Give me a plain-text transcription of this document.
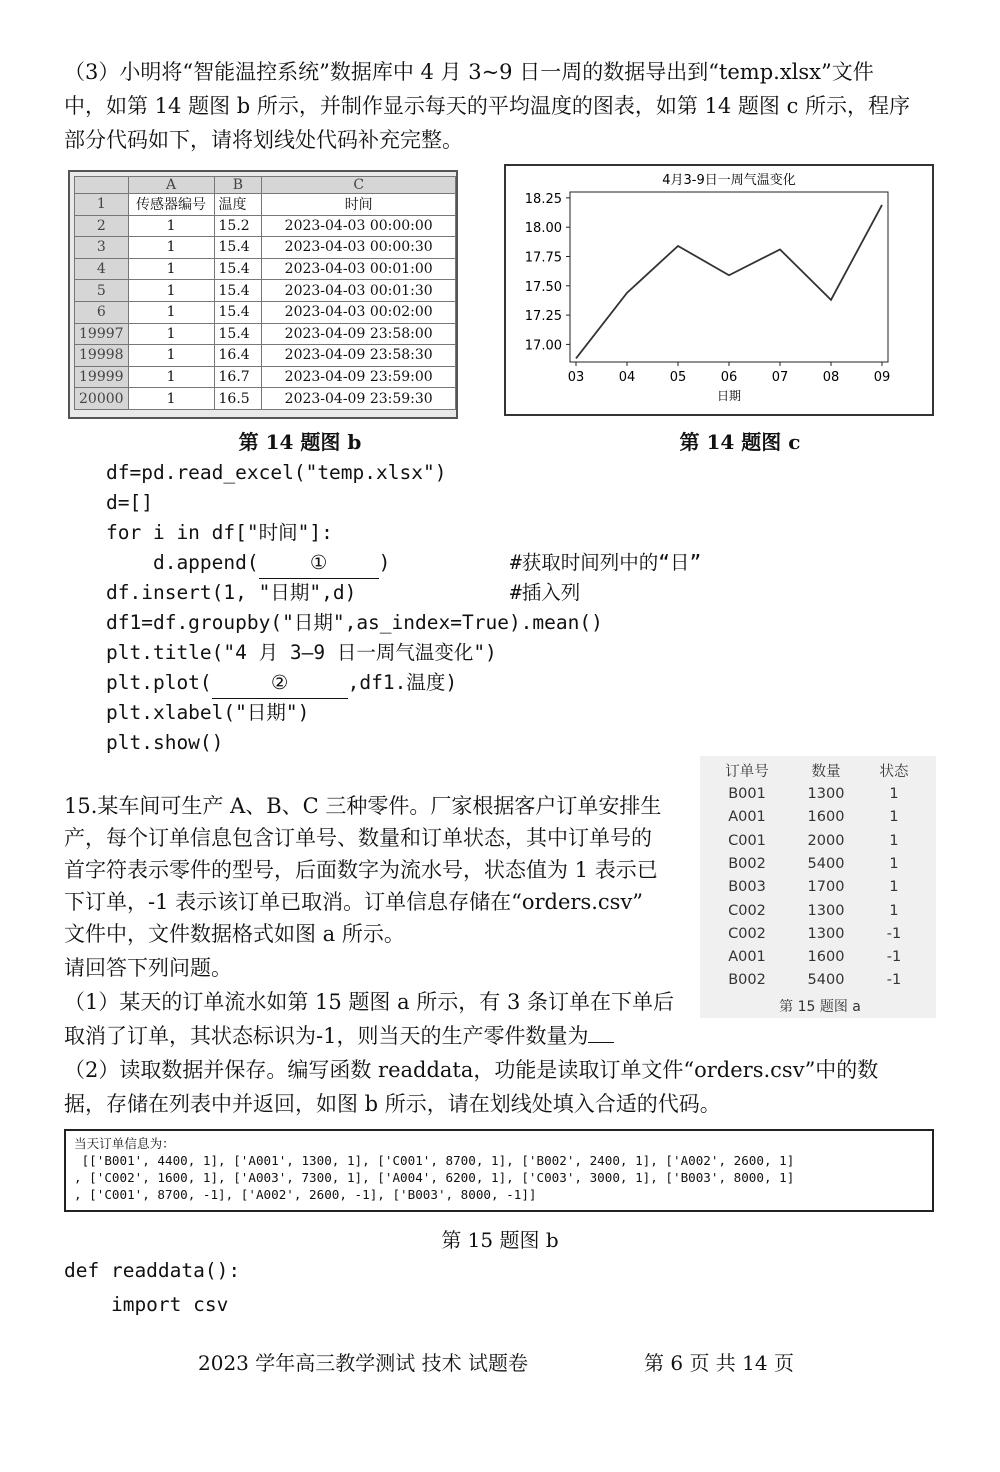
（3）小明将“智能温控系统”数据库中 4 月 3~9 日一周的数据导出到“temp.xlsx”文件
中，如第 14 题图 b 所示，并制作显示每天的平均温度的图表，如第 14 题图 c 所示，程序
部分代码如下，请将划线处代码补充完整。
	A	B	C
1	传感器编号	温度	时间
2	1	15.2	2023-04-03 00:00:00
3	1	15.4	2023-04-03 00:00:30
4	1	15.4	2023-04-03 00:01:00
5	1	15.4	2023-04-03 00:01:30
6	1	15.4	2023-04-03 00:02:00
19997	1	15.4	2023-04-09 23:58:00
19998	1	16.4	2023-04-09 23:58:30
19999	1	16.7	2023-04-09 23:59:00
20000	1	16.5	2023-04-09 23:59:30
4月3-9日一周气温变化
17.00
17.25
17.50
17.75
18.00
18.25
03	04	05	06	07	08	09
日期
第 14 题图 b	第 14 题图 c
df=pd.read_excel("temp.xlsx")
d=[]
for i in df["时间"]:
d.append(	①	)	#获取时间列中的“日”
df.insert(1, "日期",d)	#插入列
df1=df.groupby("日期",as_index=True).mean()
plt.title("4 月 3—9 日一周气温变化")
plt.plot(	②	,df1.温度)
plt.xlabel("日期")
plt.show()
15.某车间可生产 A、B、C 三种零件。厂家根据客户订单安排生
产，每个订单信息包含订单号、数量和订单状态，其中订单号的
首字符表示零件的型号，后面数字为流水号，状态值为 1 表示已
下订单，-1 表示该订单已取消。订单信息存储在“orders.csv”
文件中，文件数据格式如图 a 所示。
请回答下列问题。
（1）某天的订单流水如第 15 题图 a 所示，有 3 条订单在下单后
取消了订单，其状态标识为-1，则当天的生产零件数量为
（2）读取数据并保存。编写函数 readdata，功能是读取订单文件“orders.csv”中的数
据，存储在列表中并返回，如图 b 所示，请在划线处填入合适的代码。
订单号	数量	状态
B001	1300	1
A001	1600	1
C001	2000	1
B002	5400	1
B003	1700	1
C002	1300	1
C002	1300	-1
A001	1600	-1
B002	5400	-1
第 15 题图 a
当天订单信息为：
[['B001', 4400, 1], ['A001', 1300, 1], ['C001', 8700, 1], ['B002', 2400, 1], ['A002', 2600, 1]
, ['C002', 1600, 1], ['A003', 7300, 1], ['A004', 6200, 1], ['C003', 3000, 1], ['B003', 8000, 1]
, ['C001', 8700, -1], ['A002', 2600, -1], ['B003', 8000, -1]]
第 15 题图 b
def readdata():
import csv
2023 学年高三教学测试 技术 试题卷	第 6 页 共 14 页
